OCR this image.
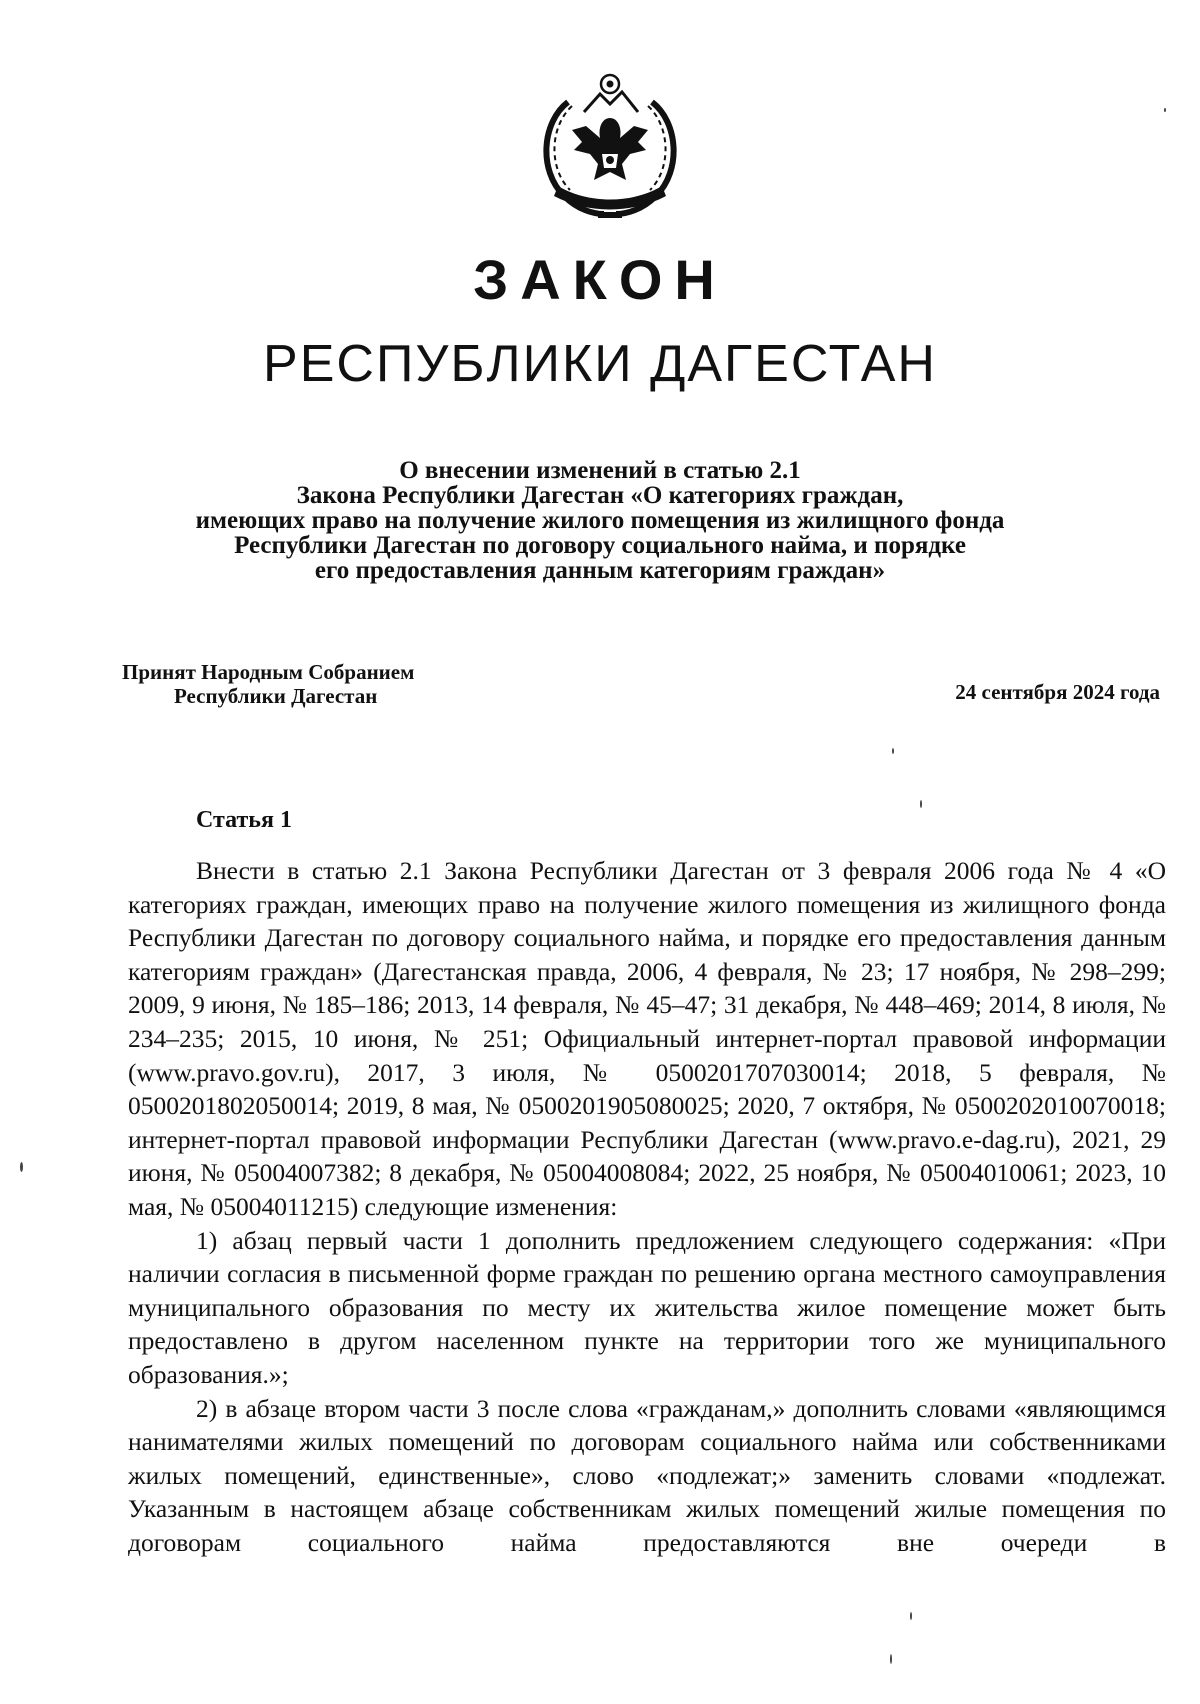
ЗАКОН
РЕСПУБЛИКИ ДАГЕСТАН
О внесении изменений в статью 2.1
Закона Республики Дагестан «О категориях граждан,
имеющих право на получение жилого помещения из жилищного фонда
Республики Дагестан по договору социального найма, и порядке
его предоставления данным категориям граждан»
Принят Народным Собранием
Республики Дагестан	24 сентября 2024 года
Статья 1

Внести в статью 2.1 Закона Республики Дагестан от 3 февраля 2006 года № 4 «О категориях граждан, имеющих право на получение жилого помещения из жилищного фонда Республики Дагестан по договору социального найма, и порядке его предоставления данным категориям граждан» (Дагестанская правда, 2006, 4 февраля, № 23; 17 ноября, № 298–299; 2009, 9 июня, № 185–186; 2013, 14 февраля, № 45–47; 31 декабря, № 448–469; 2014, 8 июля, № 234–235; 2015, 10 июня, № 251; Официальный интернет-портал правовой информации (www.pravo.gov.ru), 2017, 3 июля, № 0500201707030014; 2018, 5 февраля, № 0500201802050014; 2019, 8 мая, № 0500201905080025; 2020, 7 октября, № 0500202010070018; интернет-портал правовой информации Республики Дагестан (www.pravo.e-dag.ru), 2021, 29 июня, № 05004007382; 8 декабря, № 05004008084; 2022, 25 ноября, № 05004010061; 2023, 10 мая, № 05004011215) следующие изменения:

1) абзац первый части 1 дополнить предложением следующего содержания: «При наличии согласия в письменной форме граждан по решению органа местного самоуправления муниципального образования по месту их жительства жилое помещение может быть предоставлено в другом населенном пункте на территории того же муниципального образования.»;

2) в абзаце втором части 3 после слова «гражданам,» дополнить словами «являющимся нанимателями жилых помещений по договорам социального найма или собственниками жилых помещений, единственные», слово «подлежат;» заменить словами «подлежат. Указанным в настоящем абзаце собственникам жилых помещений жилые помещения по договорам социального найма предоставляются вне очереди в
